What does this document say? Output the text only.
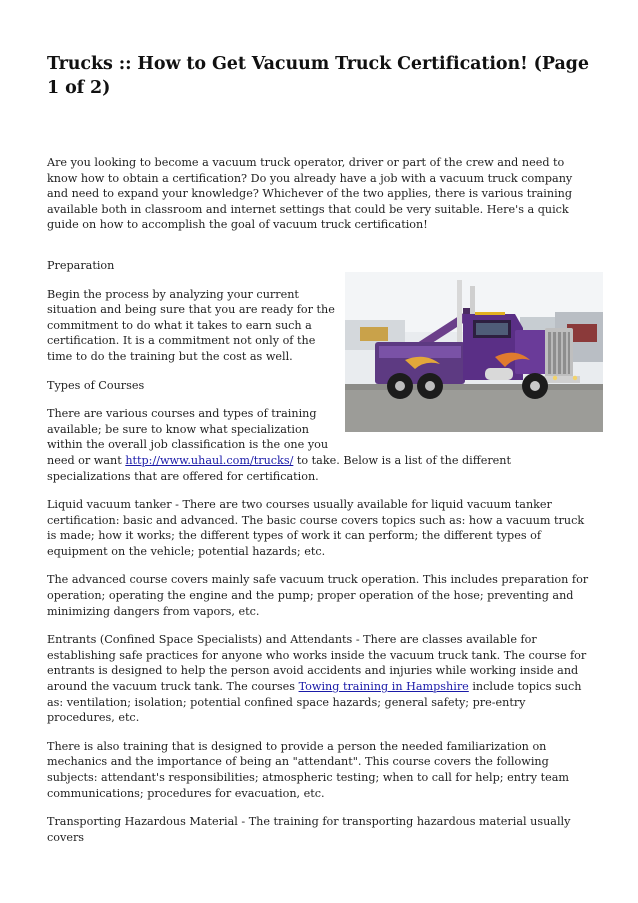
Trucks :: How to Get Vacuum Truck Certification! (Page 1 of 2)

Are you looking to become a vacuum truck operator, driver or part of the crew and need to know how to obtain a certification? Do you already have a job with a vacuum truck company and need to expand your knowledge? Whichever of the two applies, there is various training available both in classroom and internet settings that could be very suitable. Here's a quick guide on how to accomplish the goal of vacuum truck certification!

Preparation

Begin the process by analyzing your current situation and being sure that you are ready for the commitment to do what it takes to earn such a certification. It is a commitment not only of the time to do the training but the cost as well.

Types of Courses

There are various courses and types of training available; be sure to know what specialization within the overall job classification is the one you need or want http://www.uhaul.com/trucks/ to take. Below is a list of the different specializations that are offered for certification.

Liquid vacuum tanker - There are two courses usually available for liquid vacuum tanker certification: basic and advanced. The basic course covers topics such as: how a vacuum truck is made; how it works; the different types of work it can perform; the different types of equipment on the vehicle; potential hazards; etc.

The advanced course covers mainly safe vacuum truck operation. This includes preparation for operation; operating the engine and the pump; proper operation of the hose; preventing and minimizing dangers from vapors, etc.

Entrants (Confined Space Specialists) and Attendants - There are classes available for establishing safe practices for anyone who works inside the vacuum truck tank. The course for entrants is designed to help the person avoid accidents and injuries while working inside and around the vacuum truck tank. The courses Towing training in Hampshire include topics such as: ventilation; isolation; potential confined space hazards; general safety; pre-entry procedures, etc.

There is also training that is designed to provide a person the needed familiarization on mechanics and the importance of being an "attendant". This course covers the following subjects: attendant's responsibilities; atmospheric testing; when to call for help; entry team communications; procedures for evacuation, etc.

Transporting Hazardous Material - The training for transporting hazardous material usually covers
